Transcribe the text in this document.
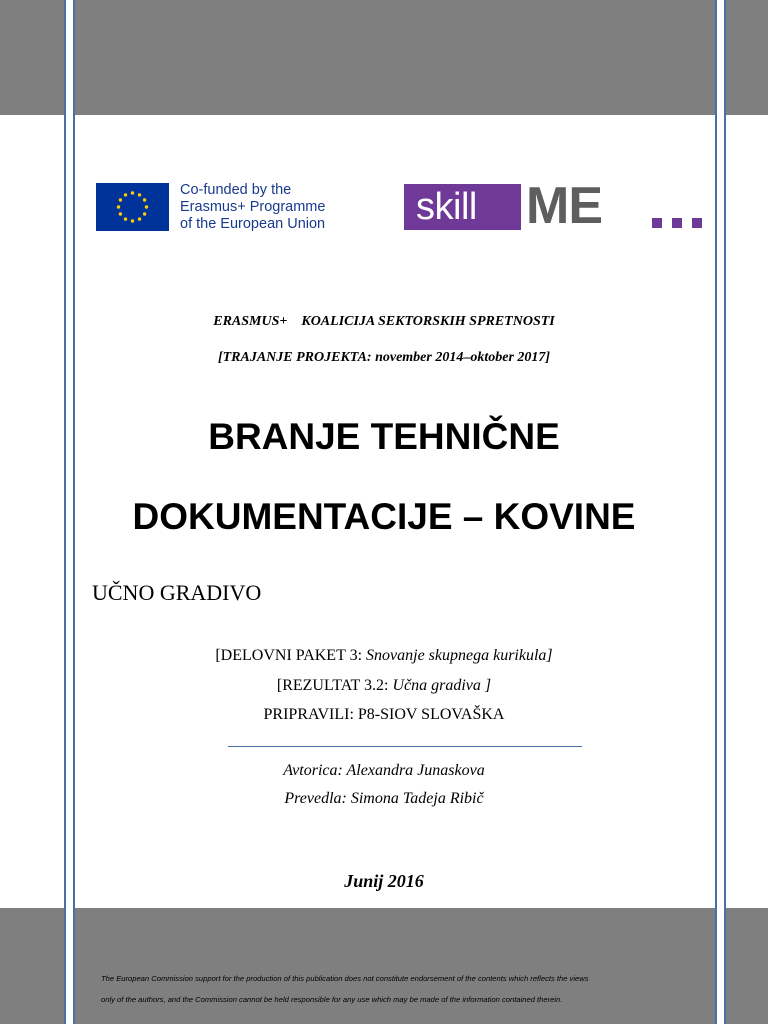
Co-funded by the
Erasmus+ Programme
of the European Union	skill ME
ERASMUS+    KOALICIJA SEKTORSKIH SPRETNOSTI
[TRAJANJE PROJEKTA: november 2014–oktober 2017]
BRANJE TEHNIČNE
DOKUMENTACIJE – KOVINE
UČNO GRADIVO
[DELOVNI PAKET 3: Snovanje skupnega kurikula]
[REZULTAT 3.2: Učna gradiva ]
PRIPRAVILI: P8-SIOV SLOVAŠKA
Avtorica: Alexandra Junaskova
Prevedla: Simona Tadeja Ribič
Junij 2016

The European Commission support for the production of this publication does not constitute endorsement of the contents which reflects the views

only of the authors, and the Commission cannot be held responsible for any use which may be made of the information contained therein.
